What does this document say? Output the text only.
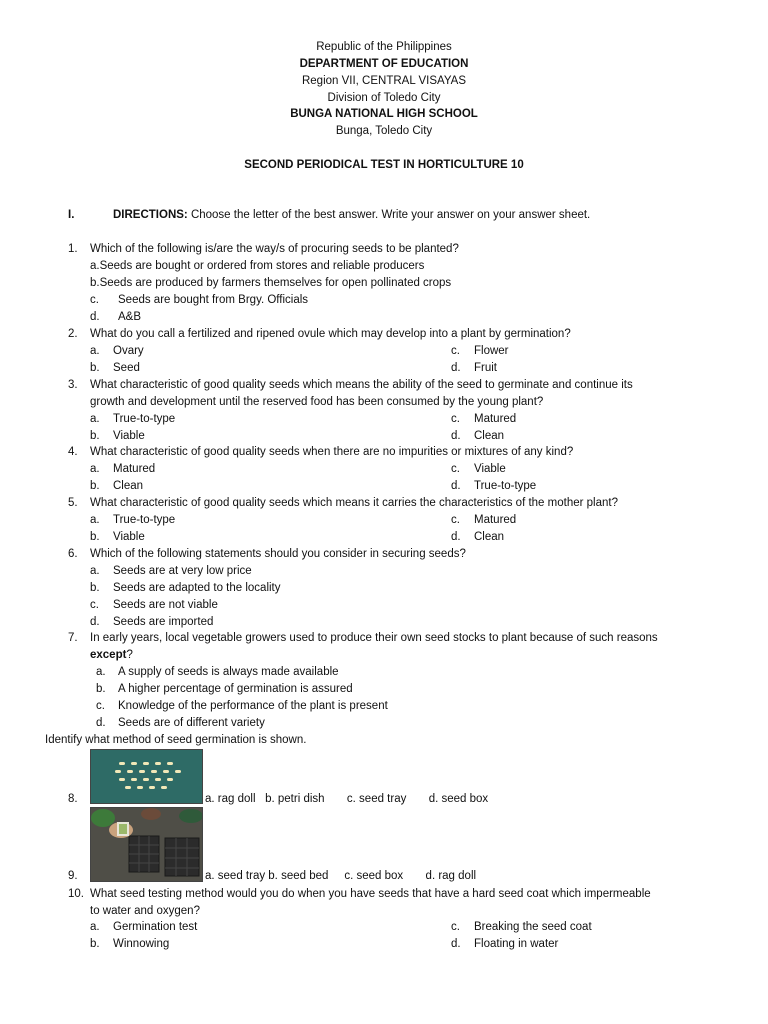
Republic of the Philippines
DEPARTMENT OF EDUCATION
Region VII, CENTRAL VISAYAS
Division of Toledo City
BUNGA NATIONAL HIGH SCHOOL
Bunga, Toledo City
SECOND PERIODICAL TEST IN HORTICULTURE 10
I.	DIRECTIONS: Choose the letter of the best answer. Write your answer on your answer sheet.
1. Which of the following is/are the way/s of procuring seeds to be planted?
a.Seeds are bought or ordered from stores and reliable producers
b.Seeds are produced by farmers themselves for open pollinated crops
c. Seeds are bought from Brgy. Officials
d. A&B
2. What do you call a fertilized and ripened ovule which may develop into a plant by germination?
a. Ovary
b. Seed
c. Flower
d. Fruit
3. What characteristic of good quality seeds which means the ability of the seed to germinate and continue its
growth and development until the reserved food has been consumed by the young plant?
a. True-to-type
b. Viable
c. Matured
d. Clean
4. What characteristic of good quality seeds when there are no impurities or mixtures of any kind?
a. Matured
b. Clean
c. Viable
d. True-to-type
5. What characteristic of good quality seeds which means it carries the characteristics of the mother plant?
a. True-to-type
b. Viable
c. Matured
d. Clean
6. Which of the following statements should you consider in securing seeds?
a. Seeds are at very low price
b. Seeds are adapted to the locality
c. Seeds are not viable
d. Seeds are imported
7. In early years, local vegetable growers used to produce their own seed stocks to plant because of such reasons
except?
a. A supply of seeds is always made available
b. A higher percentage of germination is assured
c. Knowledge of the performance of the plant is present
d. Seeds are of different variety
Identify what method of seed germination is shown.
8.	a. rag doll   b. petri dish       c. seed tray       d. seed box
9.	a. seed tray b. seed bed     c. seed box       d. rag doll
10. What seed testing method would you do when you have seeds that have a hard seed coat which impermeable
to water and oxygen?
a. Germination test
b. Winnowing
c. Breaking the seed coat
d. Floating in water
